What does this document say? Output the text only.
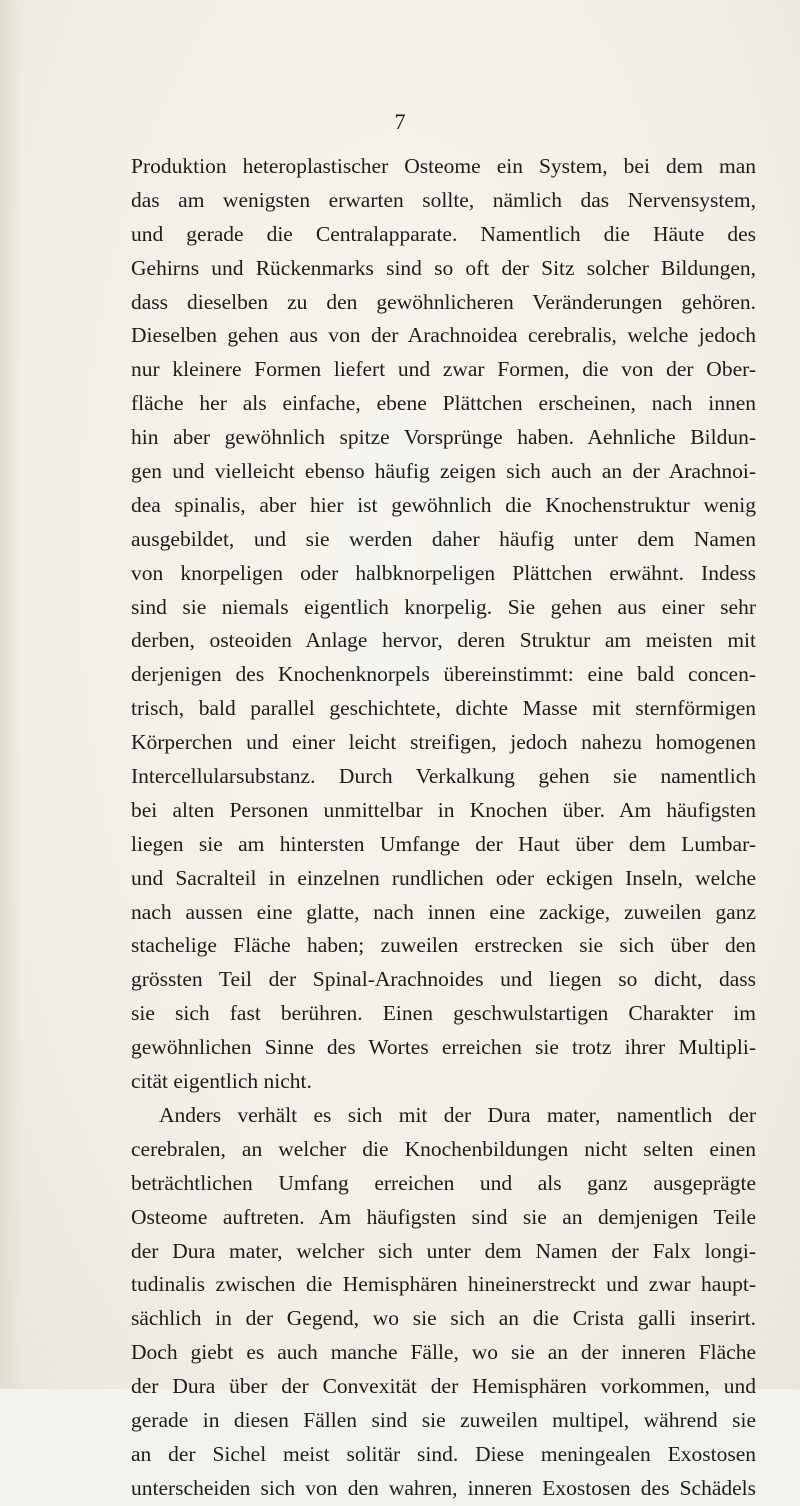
7
Produktion heteroplastischer Osteome ein System, bei dem man
das am wenigsten erwarten sollte, nämlich das Nervensystem,
und gerade die Centralapparate. Namentlich die Häute des
Gehirns und Rückenmarks sind so oft der Sitz solcher Bildungen,
dass dieselben zu den gewöhnlicheren Veränderungen gehören.
Dieselben gehen aus von der Arachnoidea cerebralis, welche jedoch
nur kleinere Formen liefert und zwar Formen, die von der Ober-
fläche her als einfache, ebene Plättchen erscheinen, nach innen
hin aber gewöhnlich spitze Vorsprünge haben. Aehnliche Bildun-
gen und vielleicht ebenso häufig zeigen sich auch an der Arachnoi-
dea spinalis, aber hier ist gewöhnlich die Knochenstruktur wenig
ausgebildet, und sie werden daher häufig unter dem Namen
von knorpeligen oder halbknorpeligen Plättchen erwähnt. Indess
sind sie niemals eigentlich knorpelig. Sie gehen aus einer sehr
derben, osteoiden Anlage hervor, deren Struktur am meisten mit
derjenigen des Knochenknorpels übereinstimmt: eine bald concen-
trisch, bald parallel geschichtete, dichte Masse mit sternförmigen
Körperchen und einer leicht streifigen, jedoch nahezu homogenen
Intercellularsubstanz. Durch Verkalkung gehen sie namentlich
bei alten Personen unmittelbar in Knochen über. Am häufigsten
liegen sie am hintersten Umfange der Haut über dem Lumbar-
und Sacralteil in einzelnen rundlichen oder eckigen Inseln, welche
nach aussen eine glatte, nach innen eine zackige, zuweilen ganz
stachelige Fläche haben; zuweilen erstrecken sie sich über den
grössten Teil der Spinal-Arachnoides und liegen so dicht, dass
sie sich fast berühren. Einen geschwulstartigen Charakter im
gewöhnlichen Sinne des Wortes erreichen sie trotz ihrer Multipli-
cität eigentlich nicht.
Anders verhält es sich mit der Dura mater, namentlich der
cerebralen, an welcher die Knochenbildungen nicht selten einen
beträchtlichen Umfang erreichen und als ganz ausgeprägte
Osteome auftreten. Am häufigsten sind sie an demjenigen Teile
der Dura mater, welcher sich unter dem Namen der Falx longi-
tudinalis zwischen die Hemisphären hineinerstreckt und zwar haupt-
sächlich in der Gegend, wo sie sich an die Crista galli inserirt.
Doch giebt es auch manche Fälle, wo sie an der inneren Fläche
der Dura über der Convexität der Hemisphären vorkommen, und
gerade in diesen Fällen sind sie zuweilen multipel, während sie
an der Sichel meist solitär sind. Diese meningealen Exostosen
unterscheiden sich von den wahren, inneren Exostosen des Schädels
